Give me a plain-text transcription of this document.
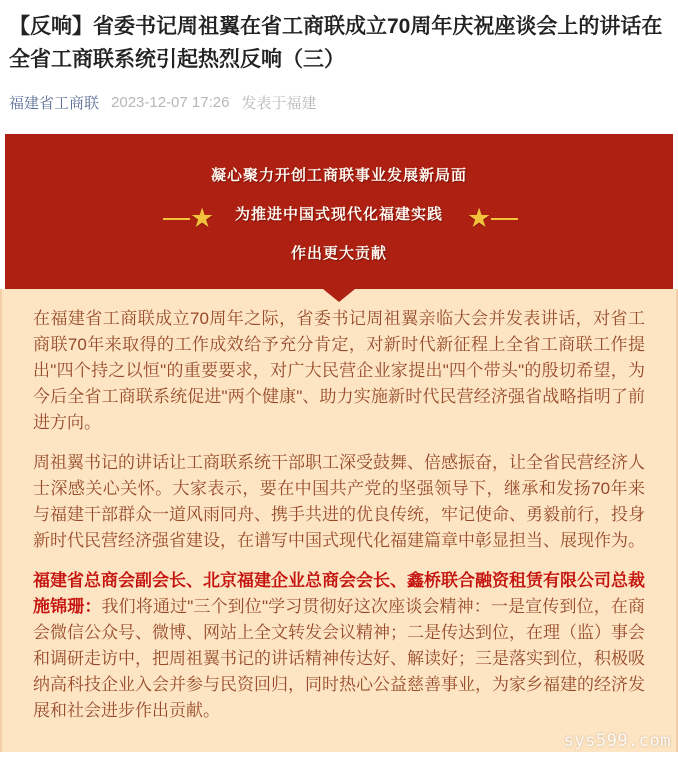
【反响】省委书记周祖翼在省工商联成立70周年庆祝座谈会上的讲话在全省工商联系统引起热烈反响（三）
福建省工商联 2023-12-07 17:26 发表于福建
凝心聚力开创工商联事业发展新局面
为推进中国式现代化福建实践
作出更大贡献
★	★

在福建省工商联成立70周年之际，省委书记周祖翼亲临大会并发表讲话，对省工商联70年来取得的工作成效给予充分肯定，对新时代新征程上全省工商联工作提出"四个持之以恒"的重要要求，对广大民营企业家提出"四个带头"的殷切希望，为今后全省工商联系统促进"两个健康"、助力实施新时代民营经济强省战略指明了前进方向。

周祖翼书记的讲话让工商联系统干部职工深受鼓舞、倍感振奋，让全省民营经济人士深感关心关怀。大家表示，要在中国共产党的坚强领导下，继承和发扬70年来与福建干部群众一道风雨同舟、携手共进的优良传统，牢记使命、勇毅前行，投身新时代民营经济强省建设，在谱写中国式现代化福建篇章中彰显担当、展现作为。

福建省总商会副会长、北京福建企业总商会会长、鑫桥联合融资租赁有限公司总裁施锦珊：我们将通过"三个到位"学习贯彻好这次座谈会精神：一是宣传到位，在商会微信公众号、微博、网站上全文转发会议精神；二是传达到位，在理（监）事会和调研走访中，把周祖翼书记的讲话精神传达好、解读好；三是落实到位，积极吸纳高科技企业入会并参与民资回归，同时热心公益慈善事业，为家乡福建的经济发展和社会进步作出贡献。

sys599.com
